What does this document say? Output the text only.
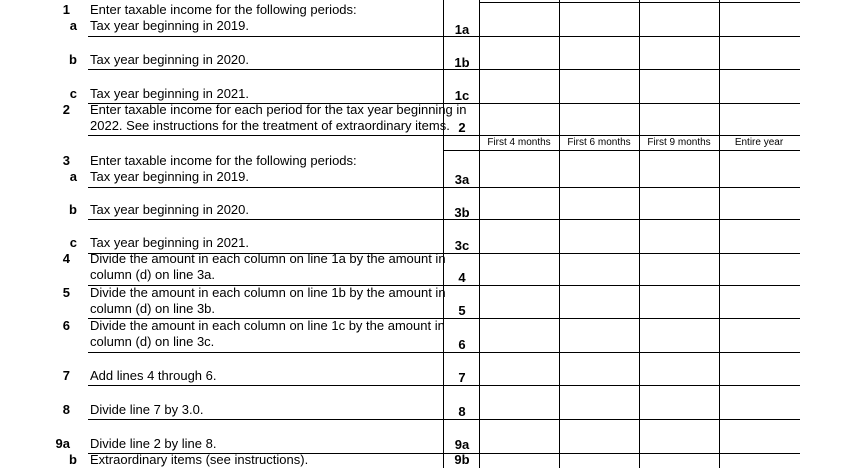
1
a
Enter taxable income for the following periods:
Tax year beginning in 2019.	1a
b Tax year beginning in 2020.	1b
c Tax year beginning in 2021.	1c
2 Enter taxable income for each period for the tax year beginning in
2022. See instructions for the treatment of extraordinary items. 2
3
a
Enter taxable income for the following periods:
Tax year beginning in 2019.	3a
b Tax year beginning in 2020.	3b
c Tax year beginning in 2021.	3c
4 Divide the amount in each column on line 1a by the amount in
column (d) on line 3a.	4
5 Divide the amount in each column on line 1b by the amount in
column (d) on line 3b.	5
6 Divide the amount in each column on line 1c by the amount in
column (d) on line 3c.	6
7 Add lines 4 through 6.	7
8 Divide line 7 by 3.0.	8
9a Divide line 2 by line 8.	9a
b Extraordinary items (see instructions).	9b
First 4 months	First 6 months	First 9 months	Entire year
